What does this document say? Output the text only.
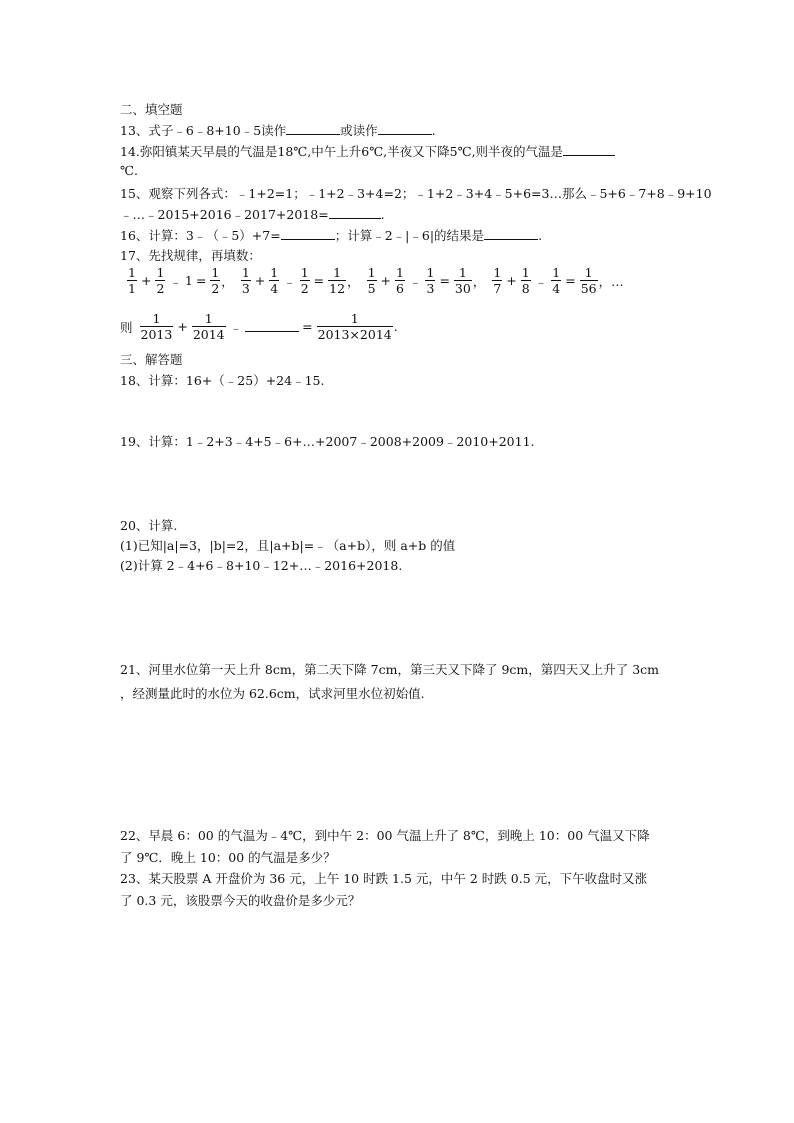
二、填空题
13、式子﹣6﹣8+10﹣5读作	或读作	.
14.弥阳镇某天早晨的气温是18℃,中午上升6℃,半夜又下降5℃,则半夜的气温是
℃.
15、观察下列各式：﹣1+2=1；﹣1+2﹣3+4=2；﹣1+2﹣3+4﹣5+6=3…那么﹣5+6﹣7+8﹣9+10
﹣…﹣2015+2016﹣2017+2018=	.
16、计算：3﹣（﹣5）+7=	；计算﹣2﹣|﹣6|的结果是	.
17、先找规律，再填数：
$\frac{1}{1} + \frac{1}{2}$ ﹣ $1 = \frac{1}{2}$ ， $\frac{1}{3} + \frac{1}{4}$ ﹣ $\frac{1}{2} = \frac{1}{12}$ ， $\frac{1}{5} + \frac{1}{6}$ ﹣ $\frac{1}{3} = \frac{1}{30}$ ， $\frac{1}{7} + \frac{1}{8}$ ﹣ $\frac{1}{4} = \frac{1}{56}$ ，…
则 $\frac{1}{2013} + \frac{1}{2014}$ ﹣	= $\frac{1}{2013\times 2014}$ .
三、解答题
18、计算：16+（﹣25）+24﹣15.
19、计算：1﹣2+3﹣4+5﹣6+…+2007﹣2008+2009﹣2010+2011.
20、计算.
(1)已知|a|=3，|b|=2，且|a+b|=﹣（a+b），则 a+b 的值
(2)计算 2﹣4+6﹣8+10﹣12+…﹣2016+2018.
21、河里水位第一天上升 8cm，第二天下降 7cm，第三天又下降了 9cm，第四天又上升了 3cm
，经测量此时的水位为 62.6cm，试求河里水位初始值.
22、早晨 6：00 的气温为﹣4℃，到中午 2：00 气温上升了 8℃，到晚上 10：00 气温又下降
了 9℃．晚上 10：00 的气温是多少？
23、某天股票 A 开盘价为 36 元，上午 10 时跌 1.5 元，中午 2 时跌 0.5 元，下午收盘时又涨
了 0.3 元，该股票今天的收盘价是多少元？
